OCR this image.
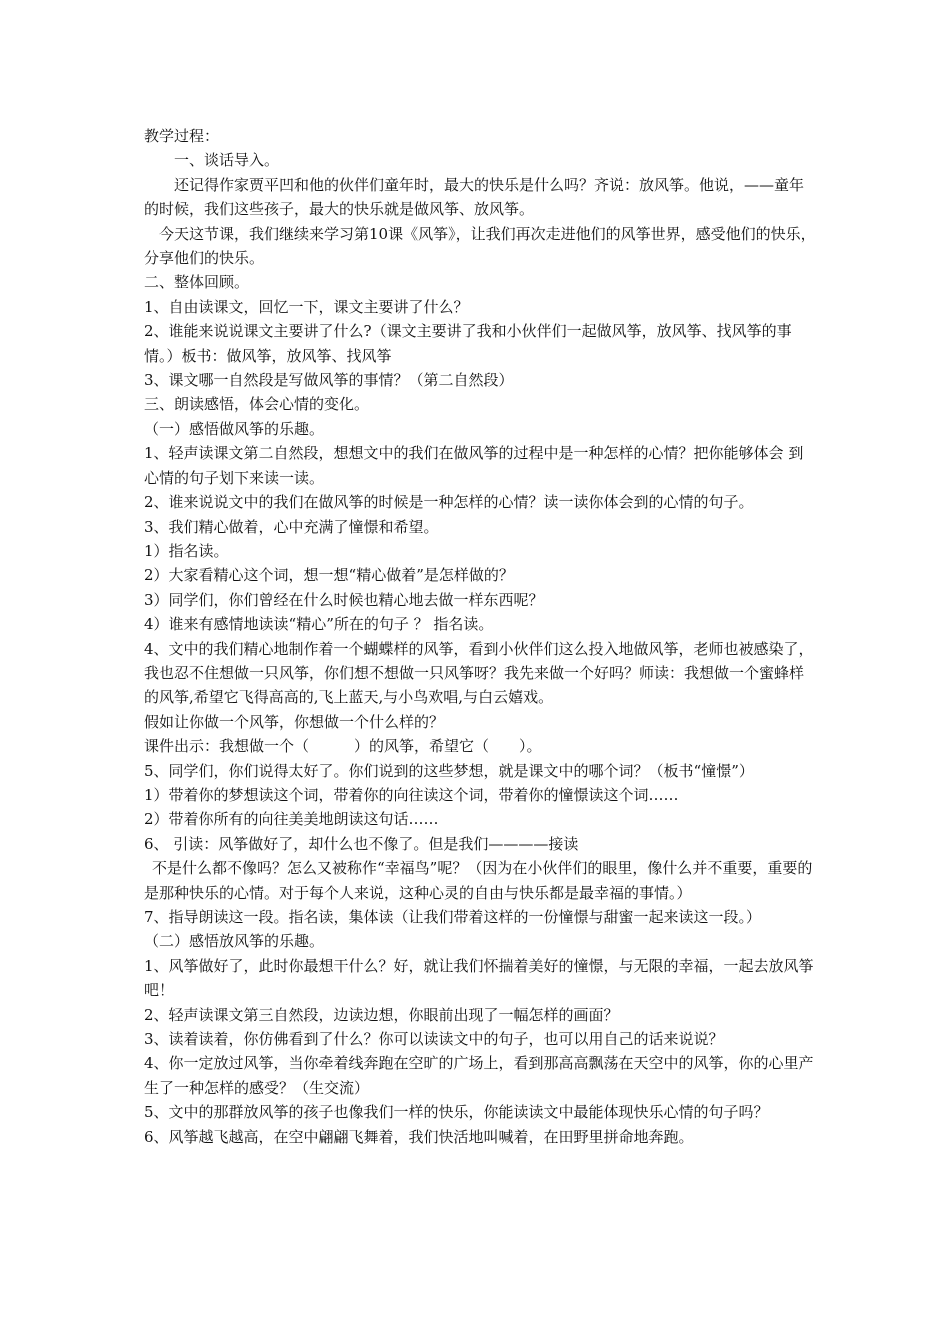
教学过程：

一、谈话导入。

还记得作家贾平凹和他的伙伴们童年时，最大的快乐是什么吗？齐说：放风筝。他说，——童年的时候，我们这些孩子，最大的快乐就是做风筝、放风筝。

今天这节课，我们继续来学习第10课《风筝》，让我们再次走进他们的风筝世界，感受他们的快乐，分享他们的快乐。

二、整体回顾。

1、自由读课文，回忆一下，课文主要讲了什么？

2、谁能来说说课文主要讲了什么?（课文主要讲了我和小伙伴们一起做风筝，放风筝、找风筝的事情。）板书：做风筝，放风筝、找风筝

3、课文哪一自然段是写做风筝的事情？（第二自然段）

三、朗读感悟，体会心情的变化。

（一）感悟做风筝的乐趣。

1、轻声读课文第二自然段，想想文中的我们在做风筝的过程中是一种怎样的心情？把你能够体会 到心情的句子划下来读一读。

2、谁来说说文中的我们在做风筝的时候是一种怎样的心情？读一读你体会到的心情的句子。

3、我们精心做着，心中充满了憧憬和希望。

1）指名读。

2）大家看精心这个词，想一想“精心做着”是怎样做的？

3）同学们，你们曾经在什么时候也精心地去做一样东西呢？

4）谁来有感情地读读“精心”所在的句子 ？ 指名读。

4、文中的我们精心地制作着一个蝴蝶样的风筝，看到小伙伴们这么投入地做风筝，老师也被感染了，我也忍不住想做一只风筝，你们想不想做一只风筝呀？我先来做一个好吗？师读：我想做一个蜜蜂样的风筝,希望它飞得高高的,飞上蓝天,与小鸟欢唱,与白云嬉戏。

假如让你做一个风筝，你想做一个什么样的？

课件出示：我想做一个（　　　）的风筝，希望它（　　）。

5、同学们，你们说得太好了。你们说到的这些梦想，就是课文中的哪个词？（板书“憧憬”）

1）带着你的梦想读这个词，带着你的向往读这个词，带着你的憧憬读这个词……

2）带着你所有的向往美美地朗读这句话……

6、 引读：风筝做好了，却什么也不像了。但是我们————接读

不是什么都不像吗？怎么又被称作“幸福鸟”呢？（因为在小伙伴们的眼里，像什么并不重要，重要的是那种快乐的心情。对于每个人来说，这种心灵的自由与快乐都是最幸福的事情。）

7、指导朗读这一段。指名读，集体读（让我们带着这样的一份憧憬与甜蜜一起来读这一段。）

（二）感悟放风筝的乐趣。

1、风筝做好了，此时你最想干什么？好，就让我们怀揣着美好的憧憬，与无限的幸福，一起去放风筝吧！

2、轻声读课文第三自然段，边读边想，你眼前出现了一幅怎样的画面？

3、读着读着，你仿佛看到了什么？你可以读读文中的句子，也可以用自己的话来说说？

4、你一定放过风筝，当你牵着线奔跑在空旷的广场上，看到那高高飘荡在天空中的风筝，你的心里产生了一种怎样的感受？（生交流）

5、文中的那群放风筝的孩子也像我们一样的快乐，你能读读文中最能体现快乐心情的句子吗？

6、风筝越飞越高，在空中翩翩飞舞着，我们快活地叫喊着，在田野里拼命地奔跑。
